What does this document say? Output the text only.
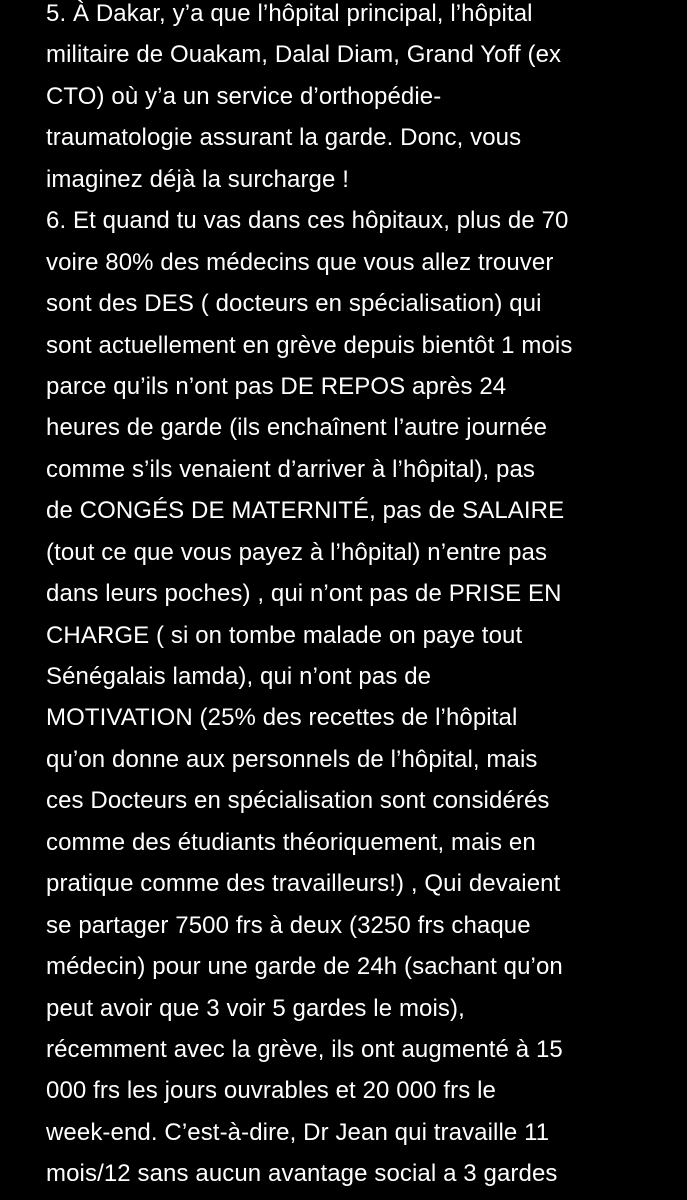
5. À Dakar, y’a que l’hôpital principal, l’hôpital
militaire de Ouakam, Dalal Diam, Grand Yoff (ex
CTO) où y’a un service d’orthopédie-
traumatologie assurant la garde. Donc, vous
imaginez déjà la surcharge !
6. Et quand tu vas dans ces hôpitaux, plus de 70
voire 80% des médecins que vous allez trouver
sont des DES ( docteurs en spécialisation) qui
sont actuellement en grève depuis bientôt 1 mois
parce qu’ils n’ont pas DE REPOS après 24
heures de garde (ils enchaînent l’autre journée
comme s’ils venaient d’arriver à l’hôpital), pas
de CONGÉS DE MATERNITÉ, pas de SALAIRE
(tout ce que vous payez à l’hôpital) n’entre pas
dans leurs poches) , qui n’ont pas de PRISE EN
CHARGE ( si on tombe malade on paye tout
Sénégalais lamda), qui n’ont pas de
MOTIVATION (25% des recettes de l’hôpital
qu’on donne aux personnels de l’hôpital, mais
ces Docteurs en spécialisation sont considérés
comme des étudiants théoriquement, mais en
pratique comme des travailleurs!) , Qui devaient
se partager 7500 frs à deux (3250 frs chaque
médecin) pour une garde de 24h (sachant qu’on
peut avoir que 3 voir 5 gardes le mois),
récemment avec la grève, ils ont augmenté à 15
000 frs les jours ouvrables et 20 000 frs le
week-end. C’est-à-dire, Dr Jean qui travaille 11
mois/12 sans aucun avantage social a 3 gardes
